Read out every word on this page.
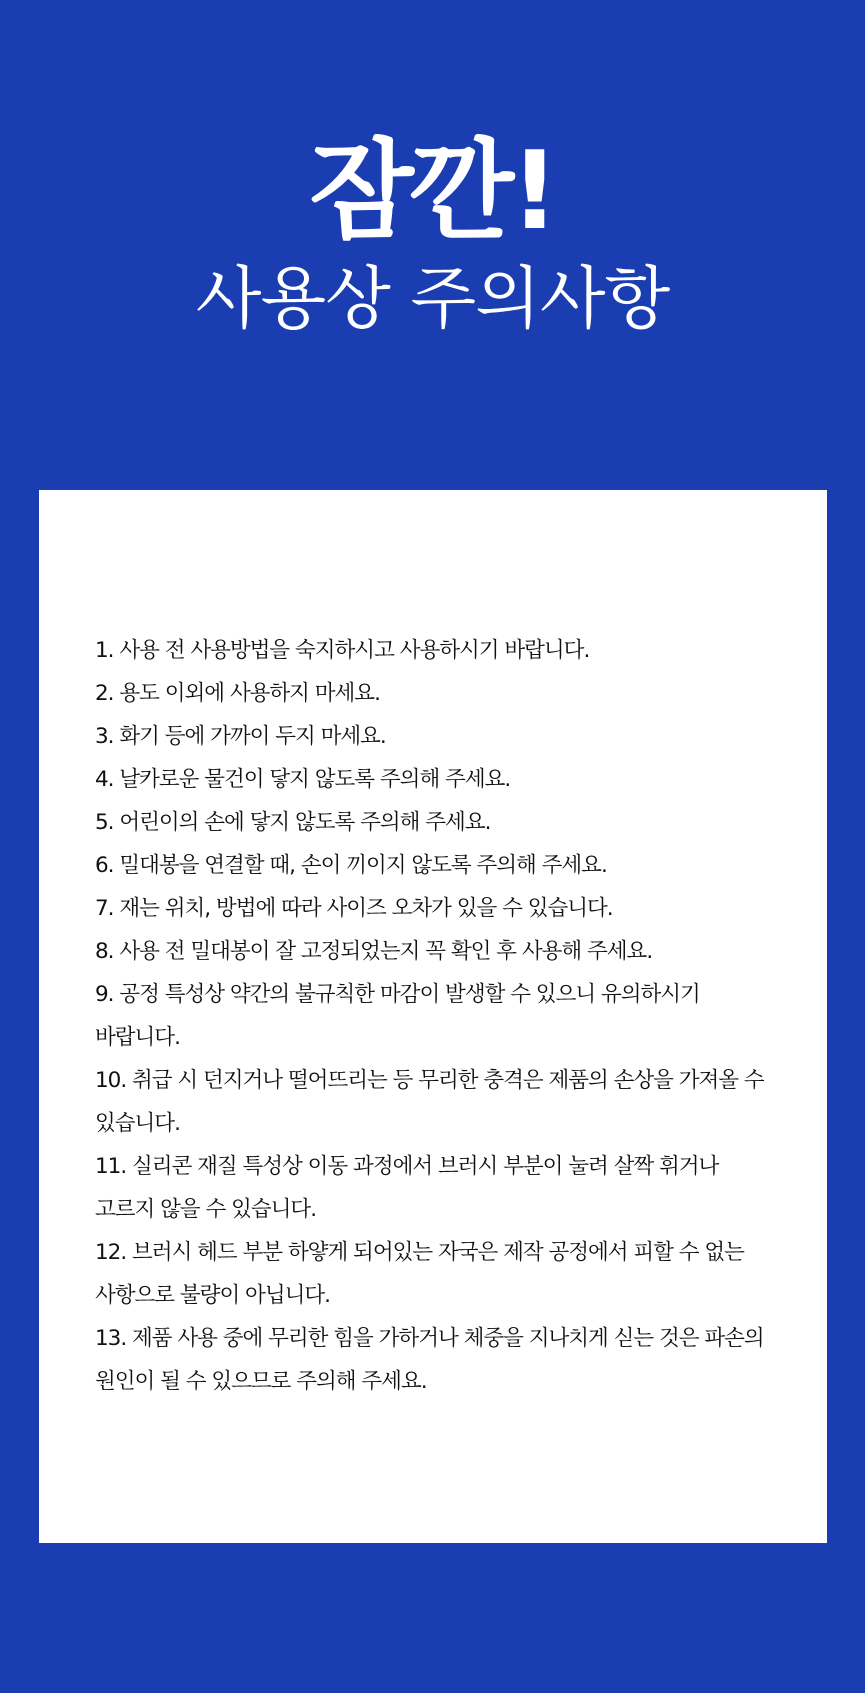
잠깐!
사용상 주의사항
1. 사용 전 사용방법을 숙지하시고 사용하시기 바랍니다.
2. 용도 이외에 사용하지 마세요.
3. 화기 등에 가까이 두지 마세요.
4. 날카로운 물건이 닿지 않도록 주의해 주세요.
5. 어린이의 손에 닿지 않도록 주의해 주세요.
6. 밀대봉을 연결할 때, 손이 끼이지 않도록 주의해 주세요.
7. 재는 위치, 방법에 따라 사이즈 오차가 있을 수 있습니다.
8. 사용 전 밀대봉이 잘 고정되었는지 꼭 확인 후 사용해 주세요.
9. 공정 특성상 약간의 불규칙한 마감이 발생할 수 있으니 유의하시기 바랍니다.
10. 취급 시 던지거나 떨어뜨리는 등 무리한 충격은 제품의 손상을 가져올 수 있습니다.
11. 실리콘 재질 특성상 이동 과정에서 브러시 부분이 눌려 살짝 휘거나 고르지 않을 수 있습니다.
12. 브러시 헤드 부분 하얗게 되어있는 자국은 제작 공정에서 피할 수 없는 사항으로 불량이 아닙니다.
13. 제품 사용 중에 무리한 힘을 가하거나 체중을 지나치게 싣는 것은 파손의 원인이 될 수 있으므로 주의해 주세요.
